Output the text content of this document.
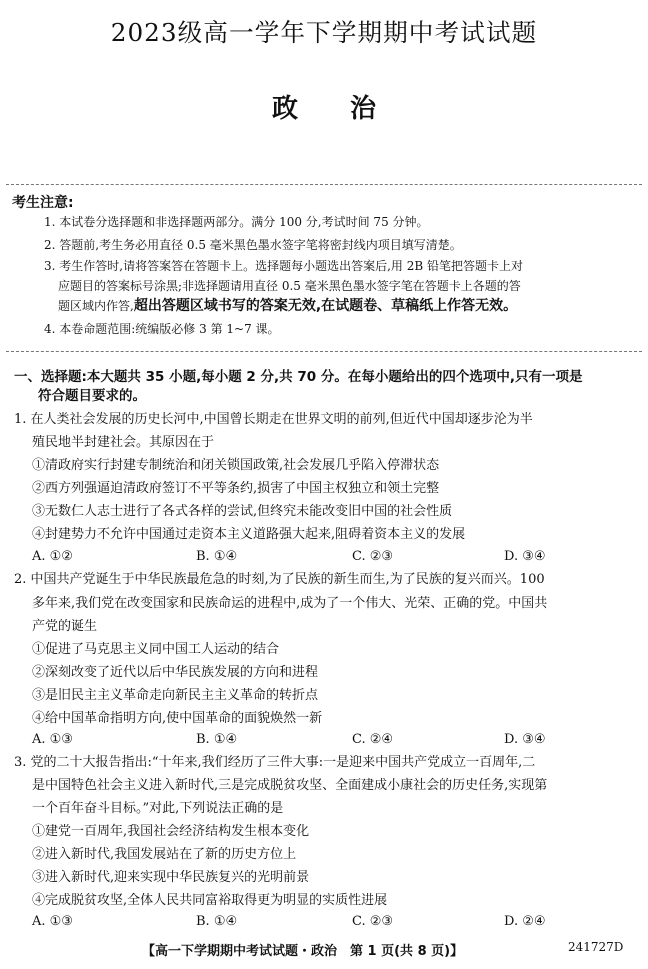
2023级高一学年下学期期中考试试题
政　　治
考生注意:
1. 本试卷分选择题和非选择题两部分。满分 100 分,考试时间 75 分钟。
2. 答题前,考生务必用直径 0.5 毫米黑色墨水签字笔将密封线内项目填写清楚。
3. 考生作答时,请将答案答在答题卡上。选择题每小题选出答案后,用 2B 铅笔把答题卡上对
应题目的答案标号涂黑;非选择题请用直径 0.5 毫米黑色墨水签字笔在答题卡上各题的答
题区域内作答,超出答题区域书写的答案无效,在试题卷、草稿纸上作答无效。
4. 本卷命题范围:统编版必修 3 第 1~7 课。
一、选择题:本大题共 35 小题,每小题 2 分,共 70 分。在每小题给出的四个选项中,只有一项是
符合题目要求的。
1. 在人类社会发展的历史长河中,中国曾长期走在世界文明的前列,但近代中国却逐步沦为半
殖民地半封建社会。其原因在于
①清政府实行封建专制统治和闭关锁国政策,社会发展几乎陷入停滞状态
②西方列强逼迫清政府签订不平等条约,损害了中国主权独立和领土完整
③无数仁人志士进行了各式各样的尝试,但终究未能改变旧中国的社会性质
④封建势力不允许中国通过走资本主义道路强大起来,阻碍着资本主义的发展
A. ①②	B. ①④	C. ②③	D. ③④
2. 中国共产党诞生于中华民族最危急的时刻,为了民族的新生而生,为了民族的复兴而兴。100
多年来,我们党在改变国家和民族命运的进程中,成为了一个伟大、光荣、正确的党。中国共
产党的诞生
①促进了马克思主义同中国工人运动的结合
②深刻改变了近代以后中华民族发展的方向和进程
③是旧民主主义革命走向新民主主义革命的转折点
④给中国革命指明方向,使中国革命的面貌焕然一新
A. ①③	B. ①④	C. ②④	D. ③④
3. 党的二十大报告指出:“十年来,我们经历了三件大事:一是迎来中国共产党成立一百周年,二
是中国特色社会主义进入新时代,三是完成脱贫攻坚、全面建成小康社会的历史任务,实现第
一个百年奋斗目标。”对此,下列说法正确的是
①建党一百周年,我国社会经济结构发生根本变化
②进入新时代,我国发展站在了新的历史方位上
③进入新时代,迎来实现中华民族复兴的光明前景
④完成脱贫攻坚,全体人民共同富裕取得更为明显的实质性进展
A. ①③	B. ①④	C. ②③	D. ②④
【高一下学期期中考试试题・政治　第 1 页(共 8 页)】	241727D
